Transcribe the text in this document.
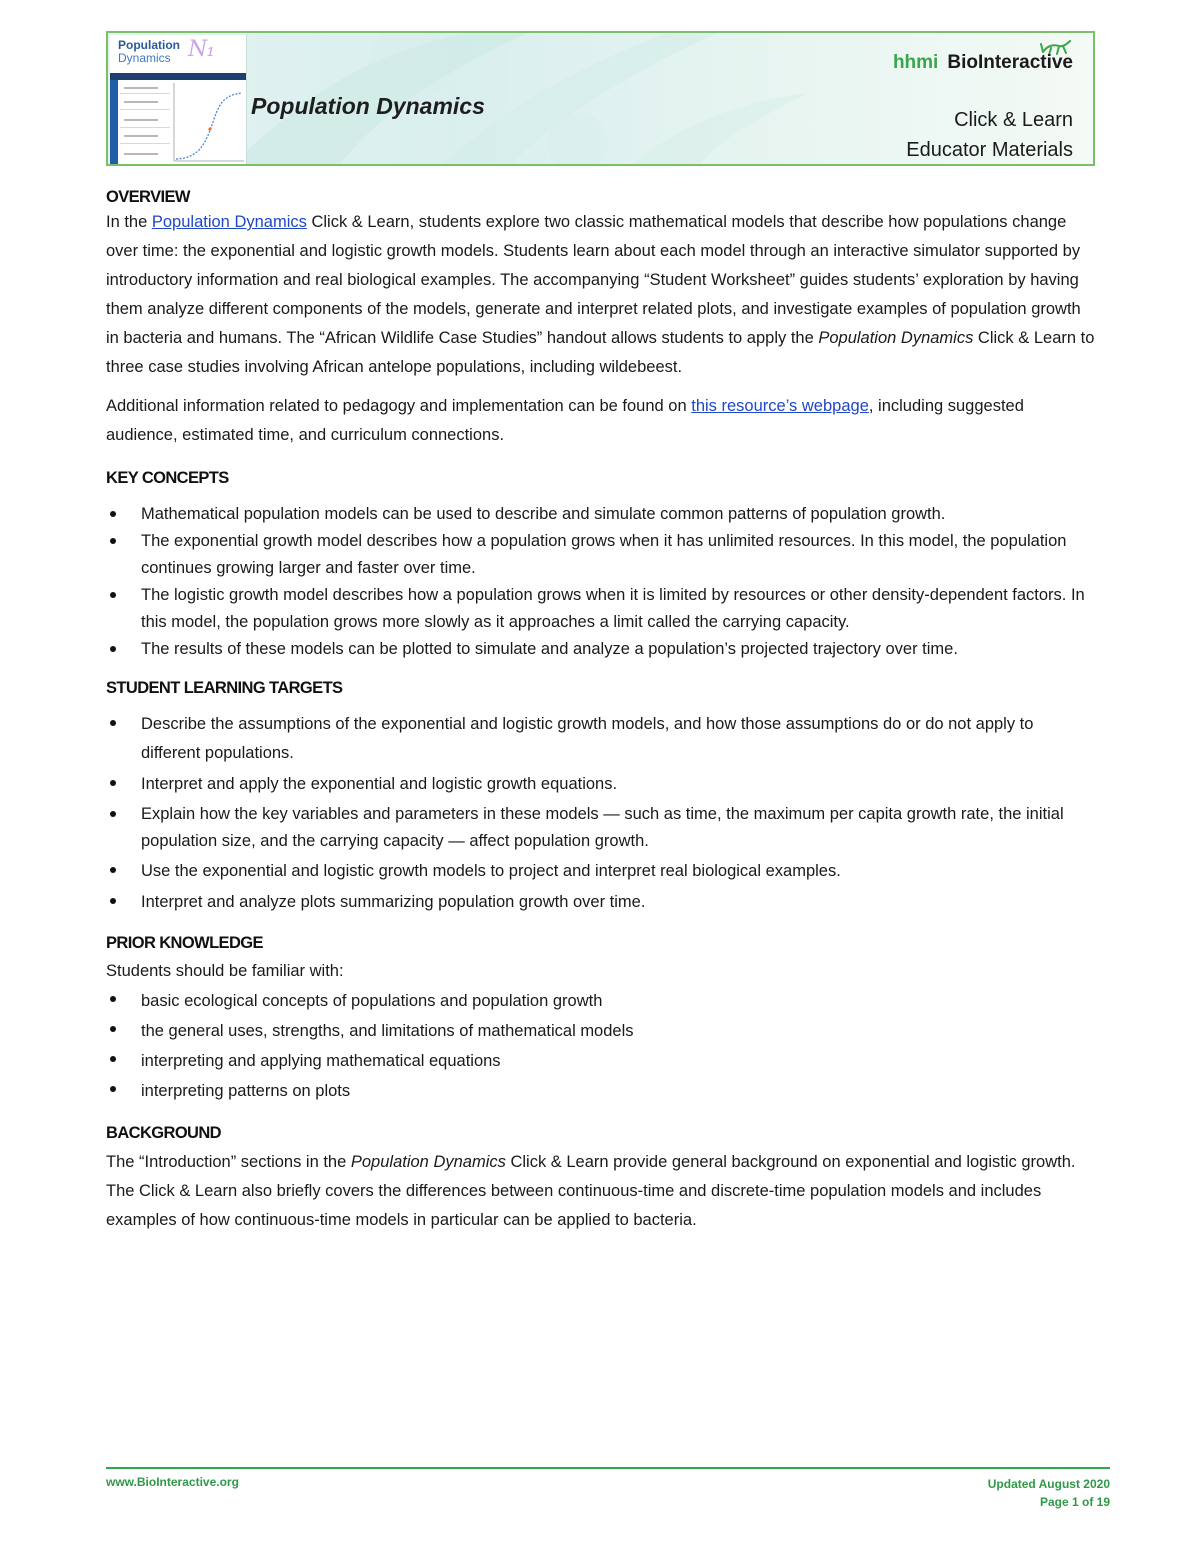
Population
Dynamics N₁
Population Dynamics
hhmi BioInteractive
Click & Learn
Educator Materials
OVERVIEW

In the Population Dynamics Click & Learn, students explore two classic mathematical models that describe how populations change over time: the exponential and logistic growth models. Students learn about each model through an interactive simulator supported by introductory information and real biological examples. The accompanying “Student Worksheet” guides students’ exploration by having them analyze different components of the models, generate and interpret related plots, and investigate examples of population growth in bacteria and humans. The “African Wildlife Case Studies” handout allows students to apply the Population Dynamics Click & Learn to three case studies involving African antelope populations, including wildebeest.

Additional information related to pedagogy and implementation can be found on this resource’s webpage, including suggested audience, estimated time, and curriculum connections.

KEY CONCEPTS
Mathematical population models can be used to describe and simulate common patterns of population growth.
The exponential growth model describes how a population grows when it has unlimited resources. In this model, the population continues growing larger and faster over time.
The logistic growth model describes how a population grows when it is limited by resources or other density-dependent factors. In this model, the population grows more slowly as it approaches a limit called the carrying capacity.
The results of these models can be plotted to simulate and analyze a population’s projected trajectory over time.
STUDENT LEARNING TARGETS
Describe the assumptions of the exponential and logistic growth models, and how those assumptions do or do not apply to different populations.
Interpret and apply the exponential and logistic growth equations.
Explain how the key variables and parameters in these models — such as time, the maximum per capita growth rate, the initial population size, and the carrying capacity — affect population growth.
Use the exponential and logistic growth models to project and interpret real biological examples.
Interpret and analyze plots summarizing population growth over time.
PRIOR KNOWLEDGE

Students should be familiar with:

basic ecological concepts of populations and population growth
the general uses, strengths, and limitations of mathematical models
interpreting and applying mathematical equations
interpreting patterns on plots
BACKGROUND

The “Introduction” sections in the Population Dynamics Click & Learn provide general background on exponential and logistic growth. The Click & Learn also briefly covers the differences between continuous-time and discrete-time population models and includes examples of how continuous-time models in particular can be applied to bacteria.

www.BioInteractive.org	Updated August 2020
Page 1 of 19
